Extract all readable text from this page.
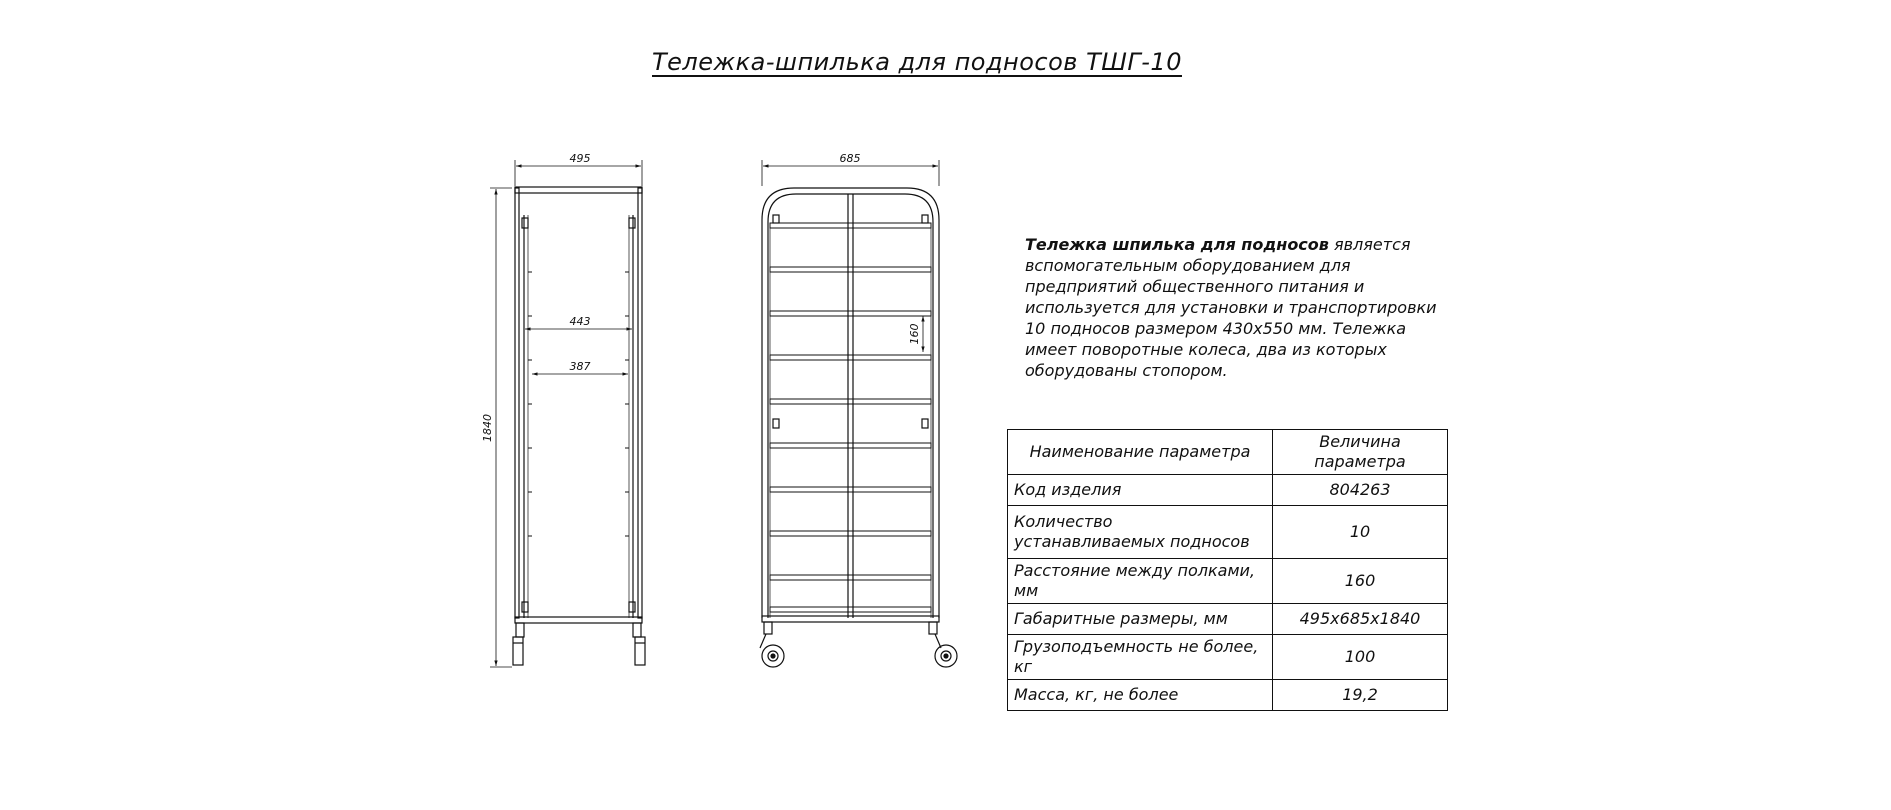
Тележка-шпилька для подносов ТШГ-10
495
443
387
1840
685
160
Тележка шпилька для подносов является вспомогательным оборудованием для предприятий общественного питания и используется для установки и транспортировки 10 подносов размером 430х550 мм. Тележка имеет поворотные колеса, два из которых оборудованы стопором.
Наименование параметра	Величина параметра
Код изделия	804263
Количество устанавливаемых подносов	10
Расстояние между полками, мм	160
Габаритные размеры, мм	495х685х1840
Грузоподъемность не более, кг	100
Масса, кг, не более	19,2
